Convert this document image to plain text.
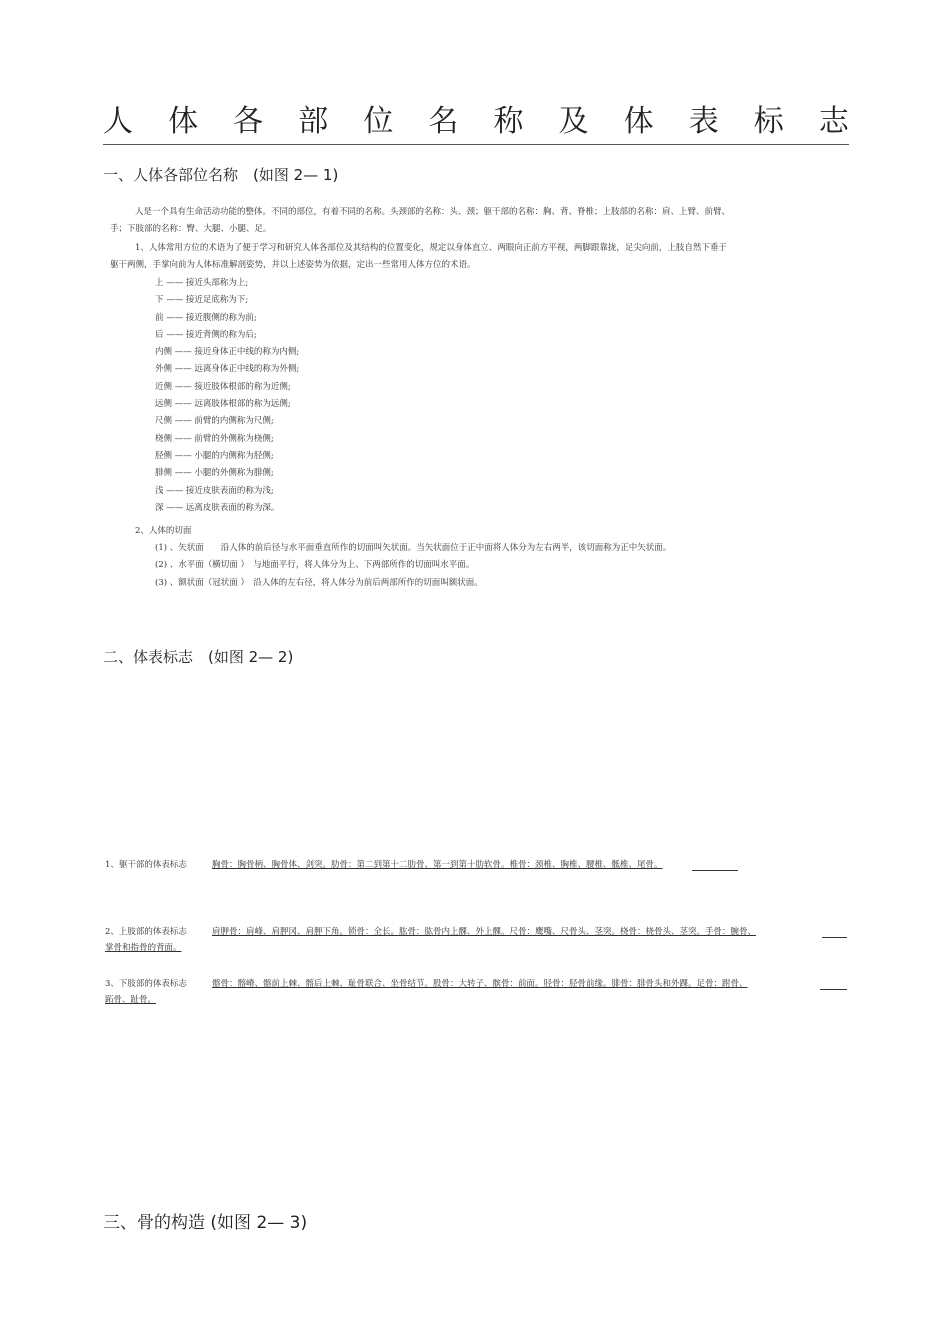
人 体 各 部 位 名 称 及 体 表 标 志
一、人体各部位名称　(如图 2— 1)
人是一个具有生命活动功能的整体。不同的部位，有着不同的名称。头颈部的名称：头、颈；躯干部的名称：胸、背、脊椎；上肢部的名称：肩、上臂、前臂、
手；下肢部的名称：臀、大腿、小腿、足。
1、人体常用方位的术语为了便于学习和研究人体各部位及其结构的位置变化，规定以身体直立、两眼向正前方平视，两脚跟靠拢，足尖向前，上肢自然下垂于
躯干两侧，手掌向前为人体标准解剖姿势，并以上述姿势为依据，定出一些常用人体方位的术语。
上 —— 接近头部称为上;
下 —— 接近足底称为下;
前 —— 接近腹侧的称为前;
后 —— 接近背侧的称为后;
内侧 —— 接近身体正中线的称为内侧;
外侧 —— 远离身体正中线的称为外侧;
近侧 —— 接近肢体根部的称为近侧;
远侧 —— 远离肢体根部的称为远侧;
尺侧 —— 前臂的内侧称为尺侧;
桡侧 —— 前臂的外侧称为桡侧;
胫侧 —— 小腿的内侧称为胫侧;
腓侧 —— 小腿的外侧称为腓侧;
浅 —— 接近皮肤表面的称为浅;
深 —— 远离皮肤表面的称为深。
2、人体的切面
(1) 、矢状面　　沿人体的前后径与水平面垂直所作的切面叫矢状面。当矢状面位于正中面将人体分为左右两半，该切面称为正中矢状面。
(2) 、水平面（横切面 ）　与地面平行，将人体分为上、下两部所作的切面叫水平面。
(3) 、额状面（冠状面 ）　沿人体的左右径，将人体分为前后两部所作的切面叫额状面。
二、体表标志　(如图 2— 2)
1、躯干部的体表标志	胸骨：胸骨柄、胸骨体、剑突。肋骨：第二到第十二肋骨、第一到第十肋软骨。椎骨：颈椎、胸椎、腰椎、骶椎、尾骨。
2、上肢部的体表标志	肩胛骨：肩峰、肩胛冈、肩胛下角。锁骨：全长。肱骨：肱骨内上髁、外上髁。尺骨：鹰嘴、尺骨头、茎突。桡骨：桡骨头、茎突。手骨：腕骨、
掌骨和指骨的背面。
3、下肢部的体表标志	髂骨：髂嵴、髂前上棘、髂后上棘、耻骨联合、坐骨结节。股骨：大转子、髌骨：前面。胫骨：胫骨前缘。腓骨：腓骨头和外踝。足骨：跗骨、
跖骨、趾骨。
三、骨的构造 (如图 2— 3)
